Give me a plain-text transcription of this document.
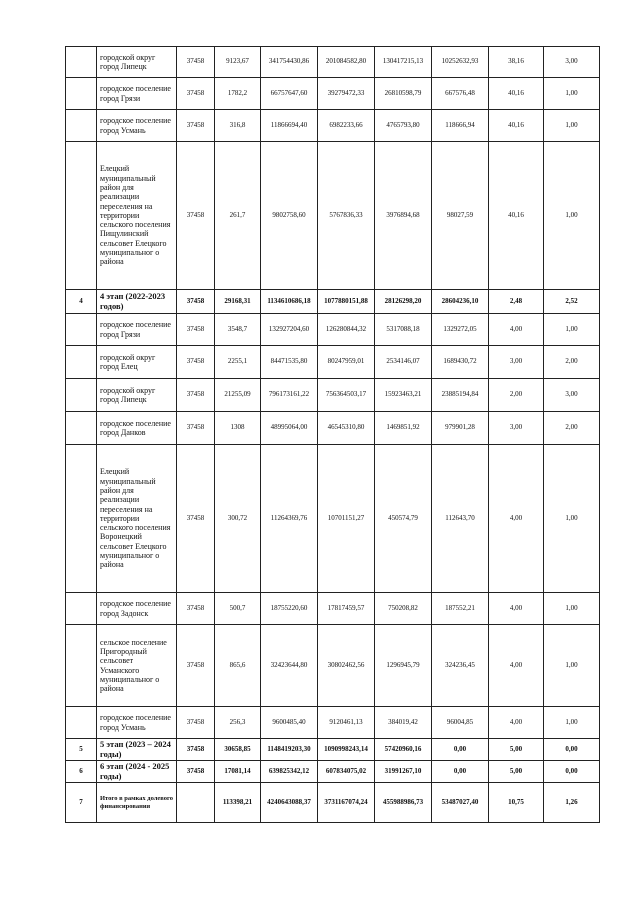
	городской округ город Липецк	37458	9123,67	341754430,86	201084582,80	130417215,13	10252632,93	38,16	3,00
	городское поселение город Грязи	37458	1782,2	66757647,60	39279472,33	26810598,79	667576,48	40,16	1,00
	городское поселение город Усмань	37458	316,8	11866694,40	6982233,66	4765793,80	118666,94	40,16	1,00
	Елецкий муниципальный район для реализации переселения на территории сельского поселения Пищулинский сельсовет Елецкого муниципальног о района	37458	261,7	9802758,60	5767836,33	3976894,68	98027,59	40,16	1,00
4	4 этап (2022-2023 годов)	37458	29168,31	1134610686,18	1077880151,88	28126298,20	28604236,10	2,48	2,52
	городское поселение город Грязи	37458	3548,7	132927204,60	126280844,32	5317088,18	1329272,05	4,00	1,00
	городской округ город Елец	37458	2255,1	84471535,80	80247959,01	2534146,07	1689430,72	3,00	2,00
	городской округ город Липецк	37458	21255,09	796173161,22	756364503,17	15923463,21	23885194,84	2,00	3,00
	городское поселение город Данков	37458	1308	48995064,00	46545310,80	1469851,92	979901,28	3,00	2,00
	Елецкий муниципальный район для реализации переселения на территории сельского поселения Воронецкий сельсовет Елецкого муниципальног о района	37458	300,72	11264369,76	10701151,27	450574,79	112643,70	4,00	1,00
	городское поселение город Задонск	37458	500,7	18755220,60	17817459,57	750208,82	187552,21	4,00	1,00
	сельское поселение Пригородный сельсовет Усманского муниципальног о района	37458	865,6	32423644,80	30802462,56	1296945,79	324236,45	4,00	1,00
	городское поселение город Усмань	37458	256,3	9600485,40	9120461,13	384019,42	96004,85	4,00	1,00
5	5 этап (2023 – 2024 годы)	37458	30658,85	1148419203,30	1090998243,14	57420960,16	0,00	5,00	0,00
6	6 этап (2024 - 2025 годы)	37458	17081,14	639825342,12	607834075,02	31991267,10	0,00	5,00	0,00
7	Итого в рамках долевого финансирования		113398,21	4240643088,37	3731167074,24	455988986,73	53487027,40	10,75	1,26
